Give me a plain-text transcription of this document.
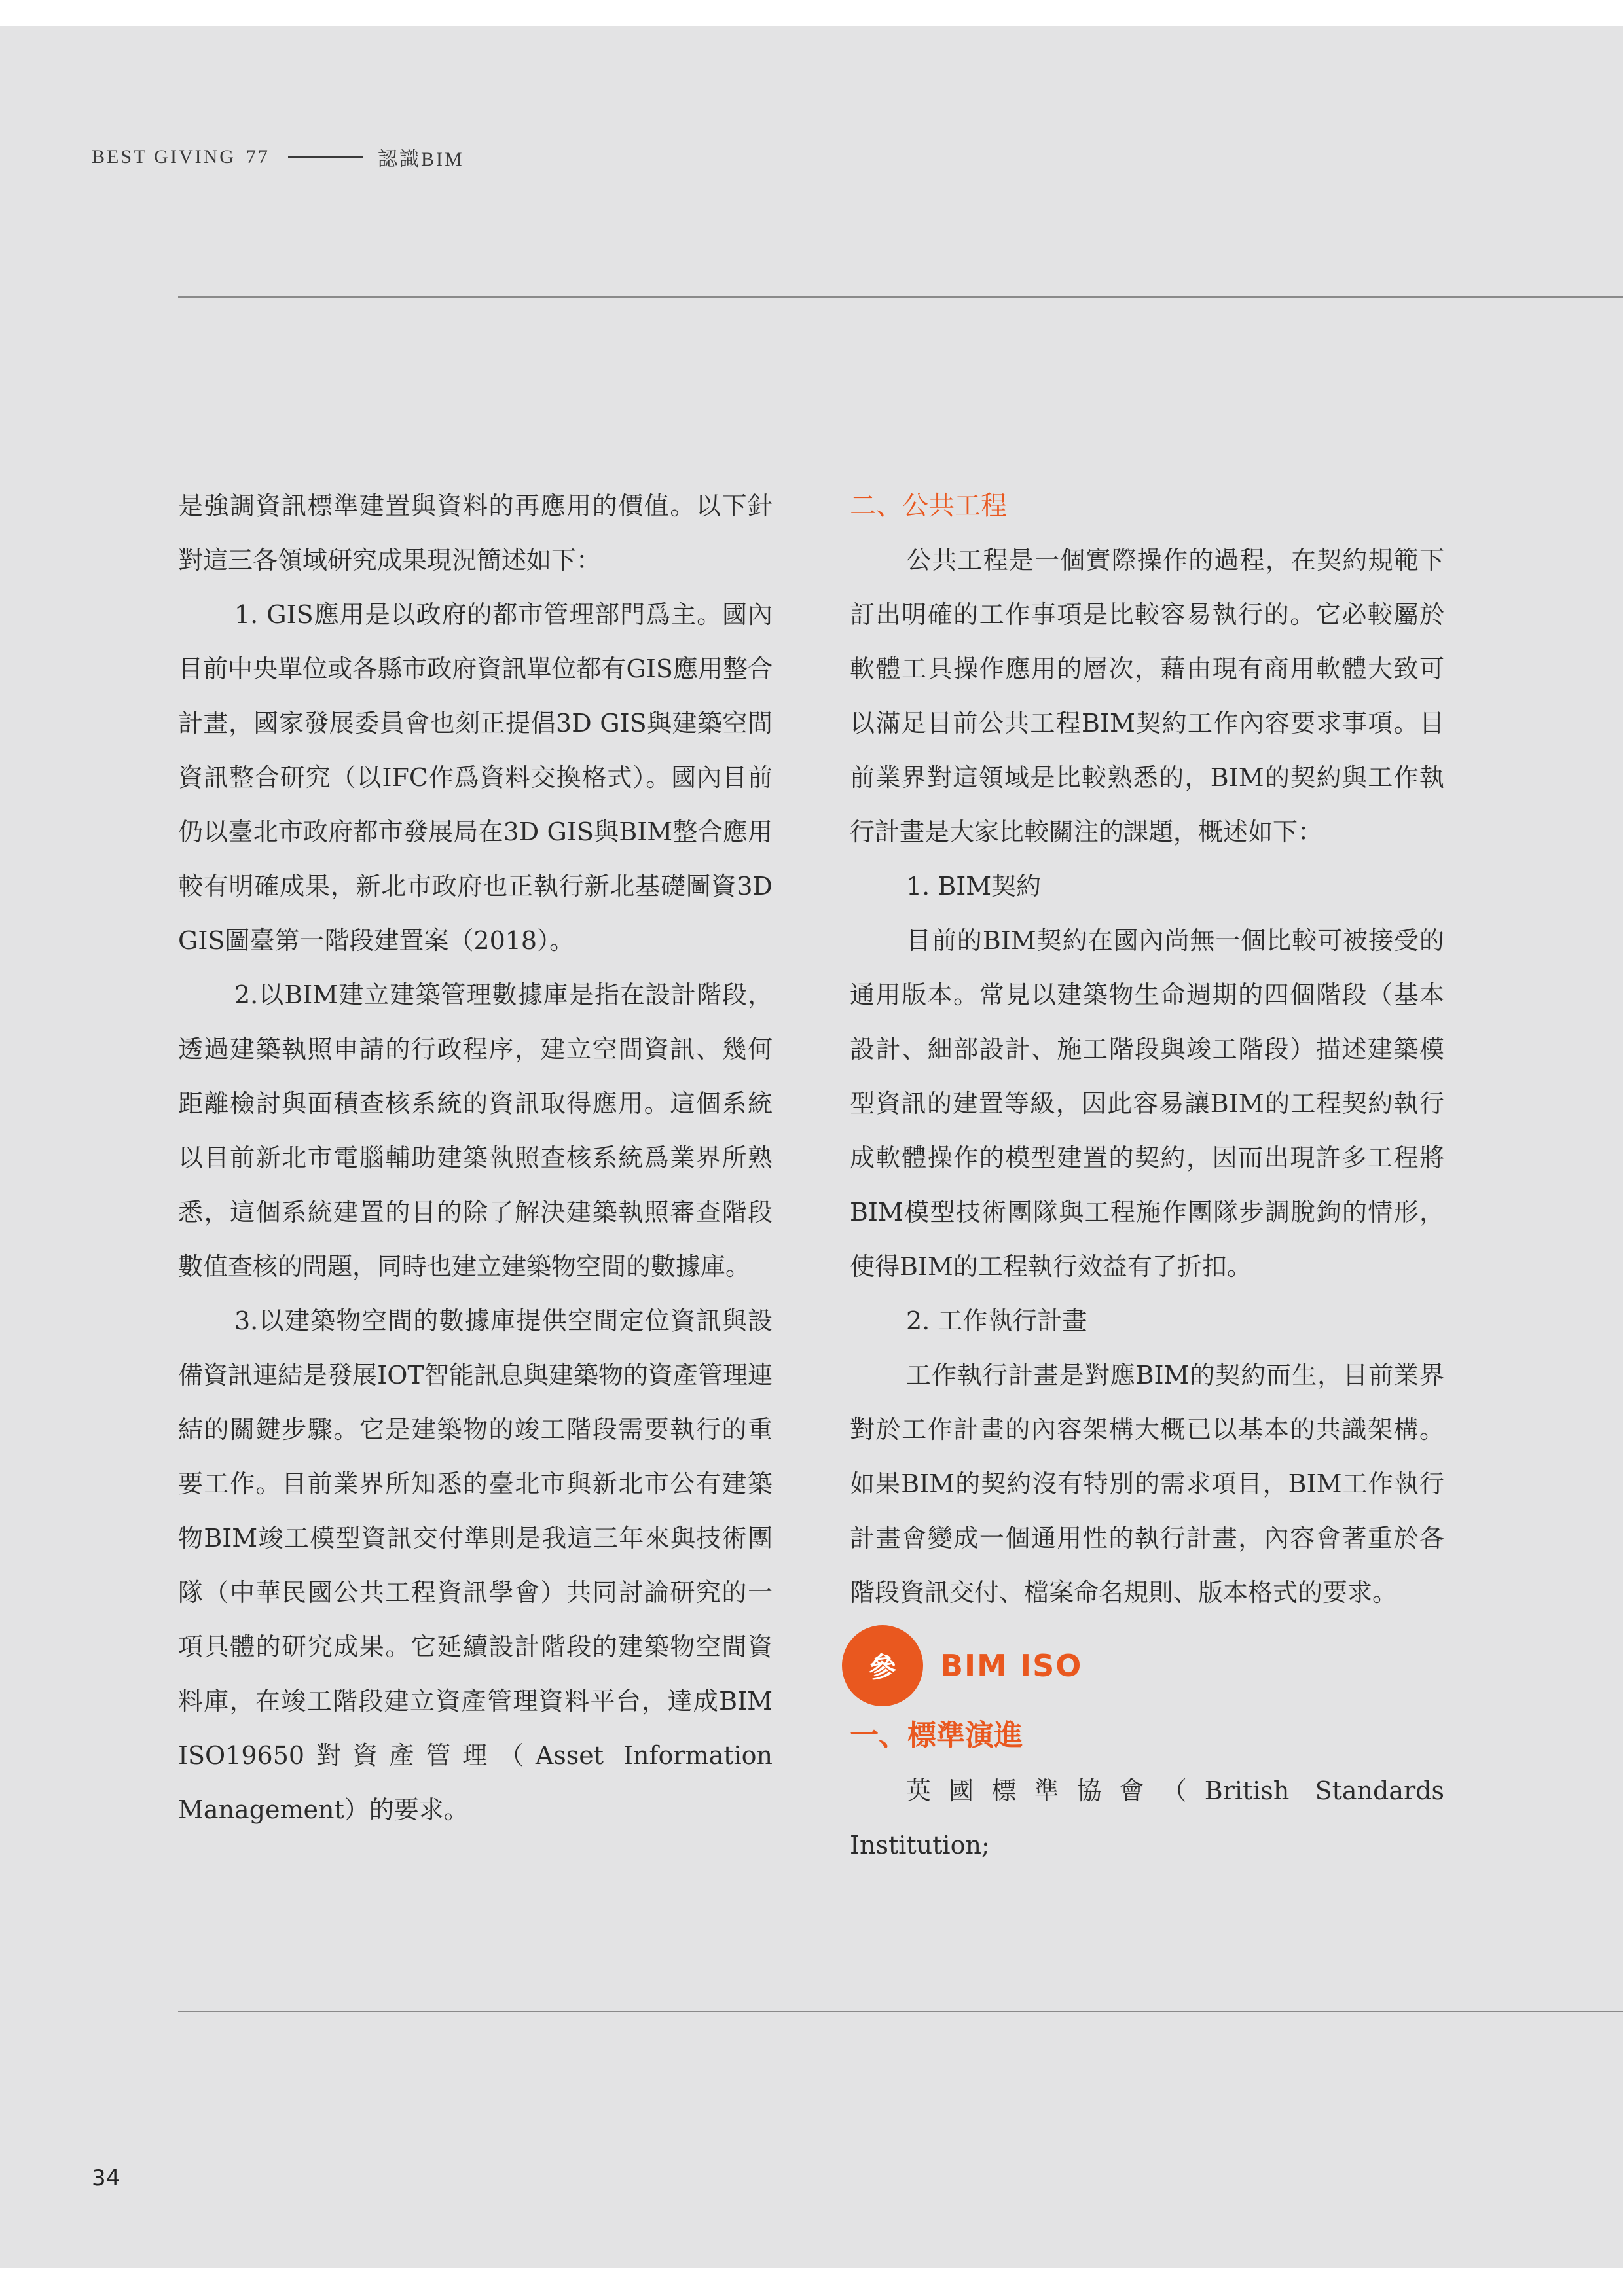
BEST GIVING 77	認識BIM

是強調資訊標準建置與資料的再應用的價值。以下針對這三各領域研究成果現況簡述如下：

1. GIS應用是以政府的都市管理部門爲主。國內目前中央單位或各縣市政府資訊單位都有GIS應用整合計畫，國家發展委員會也刻正提倡3D GIS與建築空間資訊整合研究（以IFC作爲資料交換格式）。國內目前仍以臺北市政府都市發展局在3D GIS與BIM整合應用較有明確成果，新北市政府也正執行新北基礎圖資3D GIS圖臺第一階段建置案（2018）。

2.以BIM建立建築管理數據庫是指在設計階段，透過建築執照申請的行政程序，建立空間資訊、幾何距離檢討與面積查核系統的資訊取得應用。這個系統以目前新北市電腦輔助建築執照查核系統爲業界所熟悉，這個系統建置的目的除了解決建築執照審查階段數值查核的問題，同時也建立建築物空間的數據庫。

3.以建築物空間的數據庫提供空間定位資訊與設備資訊連結是發展IOT智能訊息與建築物的資產管理連結的關鍵步驟。它是建築物的竣工階段需要執行的重要工作。目前業界所知悉的臺北市與新北市公有建築物BIM竣工模型資訊交付準則是我這三年來與技術團隊（中華民國公共工程資訊學會）共同討論研究的一項具體的研究成果。它延續設計階段的建築物空間資料庫，在竣工階段建立資產管理資料平台，達成BIM ISO19650對資產管理（Asset Information Management）的要求。

二、公共工程

公共工程是一個實際操作的過程，在契約規範下訂出明確的工作事項是比較容易執行的。它必較屬於軟體工具操作應用的層次，藉由現有商用軟體大致可以滿足目前公共工程BIM契約工作內容要求事項。目前業界對這領域是比較熟悉的，BIM的契約與工作執行計畫是大家比較關注的課題，概述如下：

1. BIM契約

目前的BIM契約在國內尚無一個比較可被接受的通用版本。常見以建築物生命週期的四個階段（基本設計、細部設計、施工階段與竣工階段）描述建築模型資訊的建置等級，因此容易讓BIM的工程契約執行成軟體操作的模型建置的契約，因而出現許多工程將BIM模型技術團隊與工程施作團隊步調脫鉤的情形，使得BIM的工程執行效益有了折扣。

2. 工作執行計畫

工作執行計畫是對應BIM的契約而生，目前業界對於工作計畫的內容架構大概已以基本的共識架構。如果BIM的契約沒有特別的需求項目，BIM工作執行計畫會變成一個通用性的執行計畫，內容會著重於各階段資訊交付、檔案命名規則、版本格式的要求。

參	BIM ISO

一、標準演進

英國標準協會（British Standards Institution;

34
